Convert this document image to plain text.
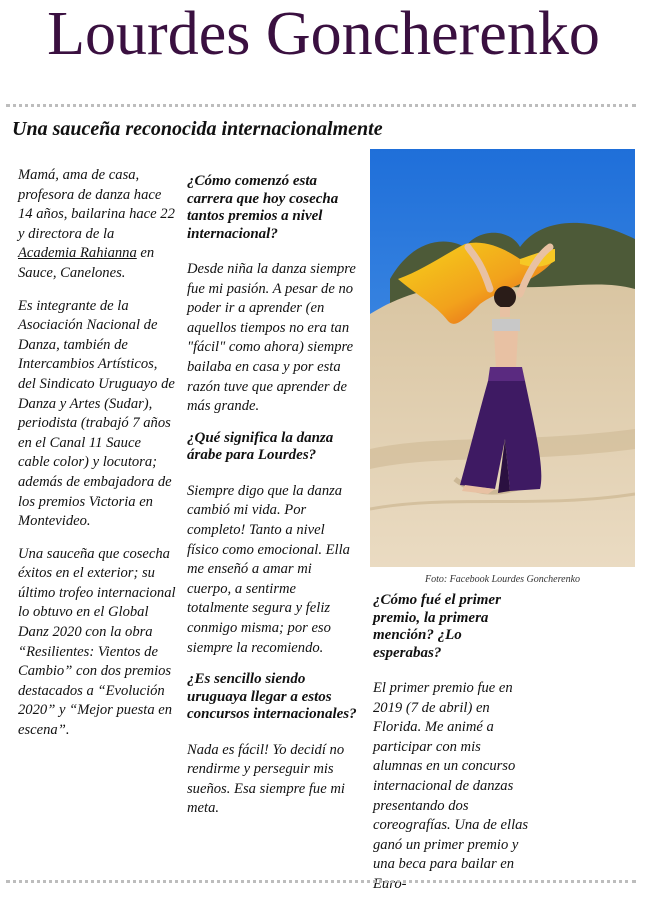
Lourdes Goncherenko
Una sauceña reconocida internacionalmente

Mamá, ama de casa, profesora de danza hace 14 años, bailarina hace 22 y directora de la Academia Rahianna en Sauce, Canelones.

Es integrante de la Asociación Nacional de Danza, también de Intercambios Artísticos, del Sindicato Uruguayo de Danza y Artes (Sudar), periodista (trabajó 7 años en el Canal 11 Sauce cable color) y locutora; además de embajadora de los premios Victoria en Montevideo.

Una sauceña que cosecha éxitos en el exterior; su último trofeo internacional lo obtuvo en el Global Danz 2020 con la obra “Resilientes: Vientos de Cambio” con dos premios destacados a “Evolución 2020” y “Mejor puesta en escena”.

¿Cómo comenzó esta carrera que hoy cosecha tantos premios a nivel internacional?

Desde niña la danza siempre fue mi pasión. A pesar de no poder ir a aprender (en aquellos tiempos no era tan "fácil" como ahora) siempre bailaba en casa y por esta razón tuve que aprender de más grande.

¿Qué significa la danza árabe para Lourdes?

Siempre digo que la danza cambió mi vida. Por completo! Tanto a nivel físico como emocional. Ella me enseñó a amar mi cuerpo, a sentirme totalmente segura y feliz conmigo misma; por eso siempre la recomiendo.

¿Es sencillo siendo uruguaya llegar a estos concursos internacionales?

Nada es fácil! Yo decidí no rendirme y perseguir mis sueños. Esa siempre fue mi meta.

Foto: Facebook Lourdes Goncherenko

¿Cómo fué el primer premio, la primera mención? ¿Lo esperabas?

El primer premio fue en 2019 (7 de abril) en Florida. Me animé a participar con mis alumnas en un concurso internacional de danzas presentando dos coreografías. Una de ellas ganó un primer premio y una beca para bailar en Euro-
